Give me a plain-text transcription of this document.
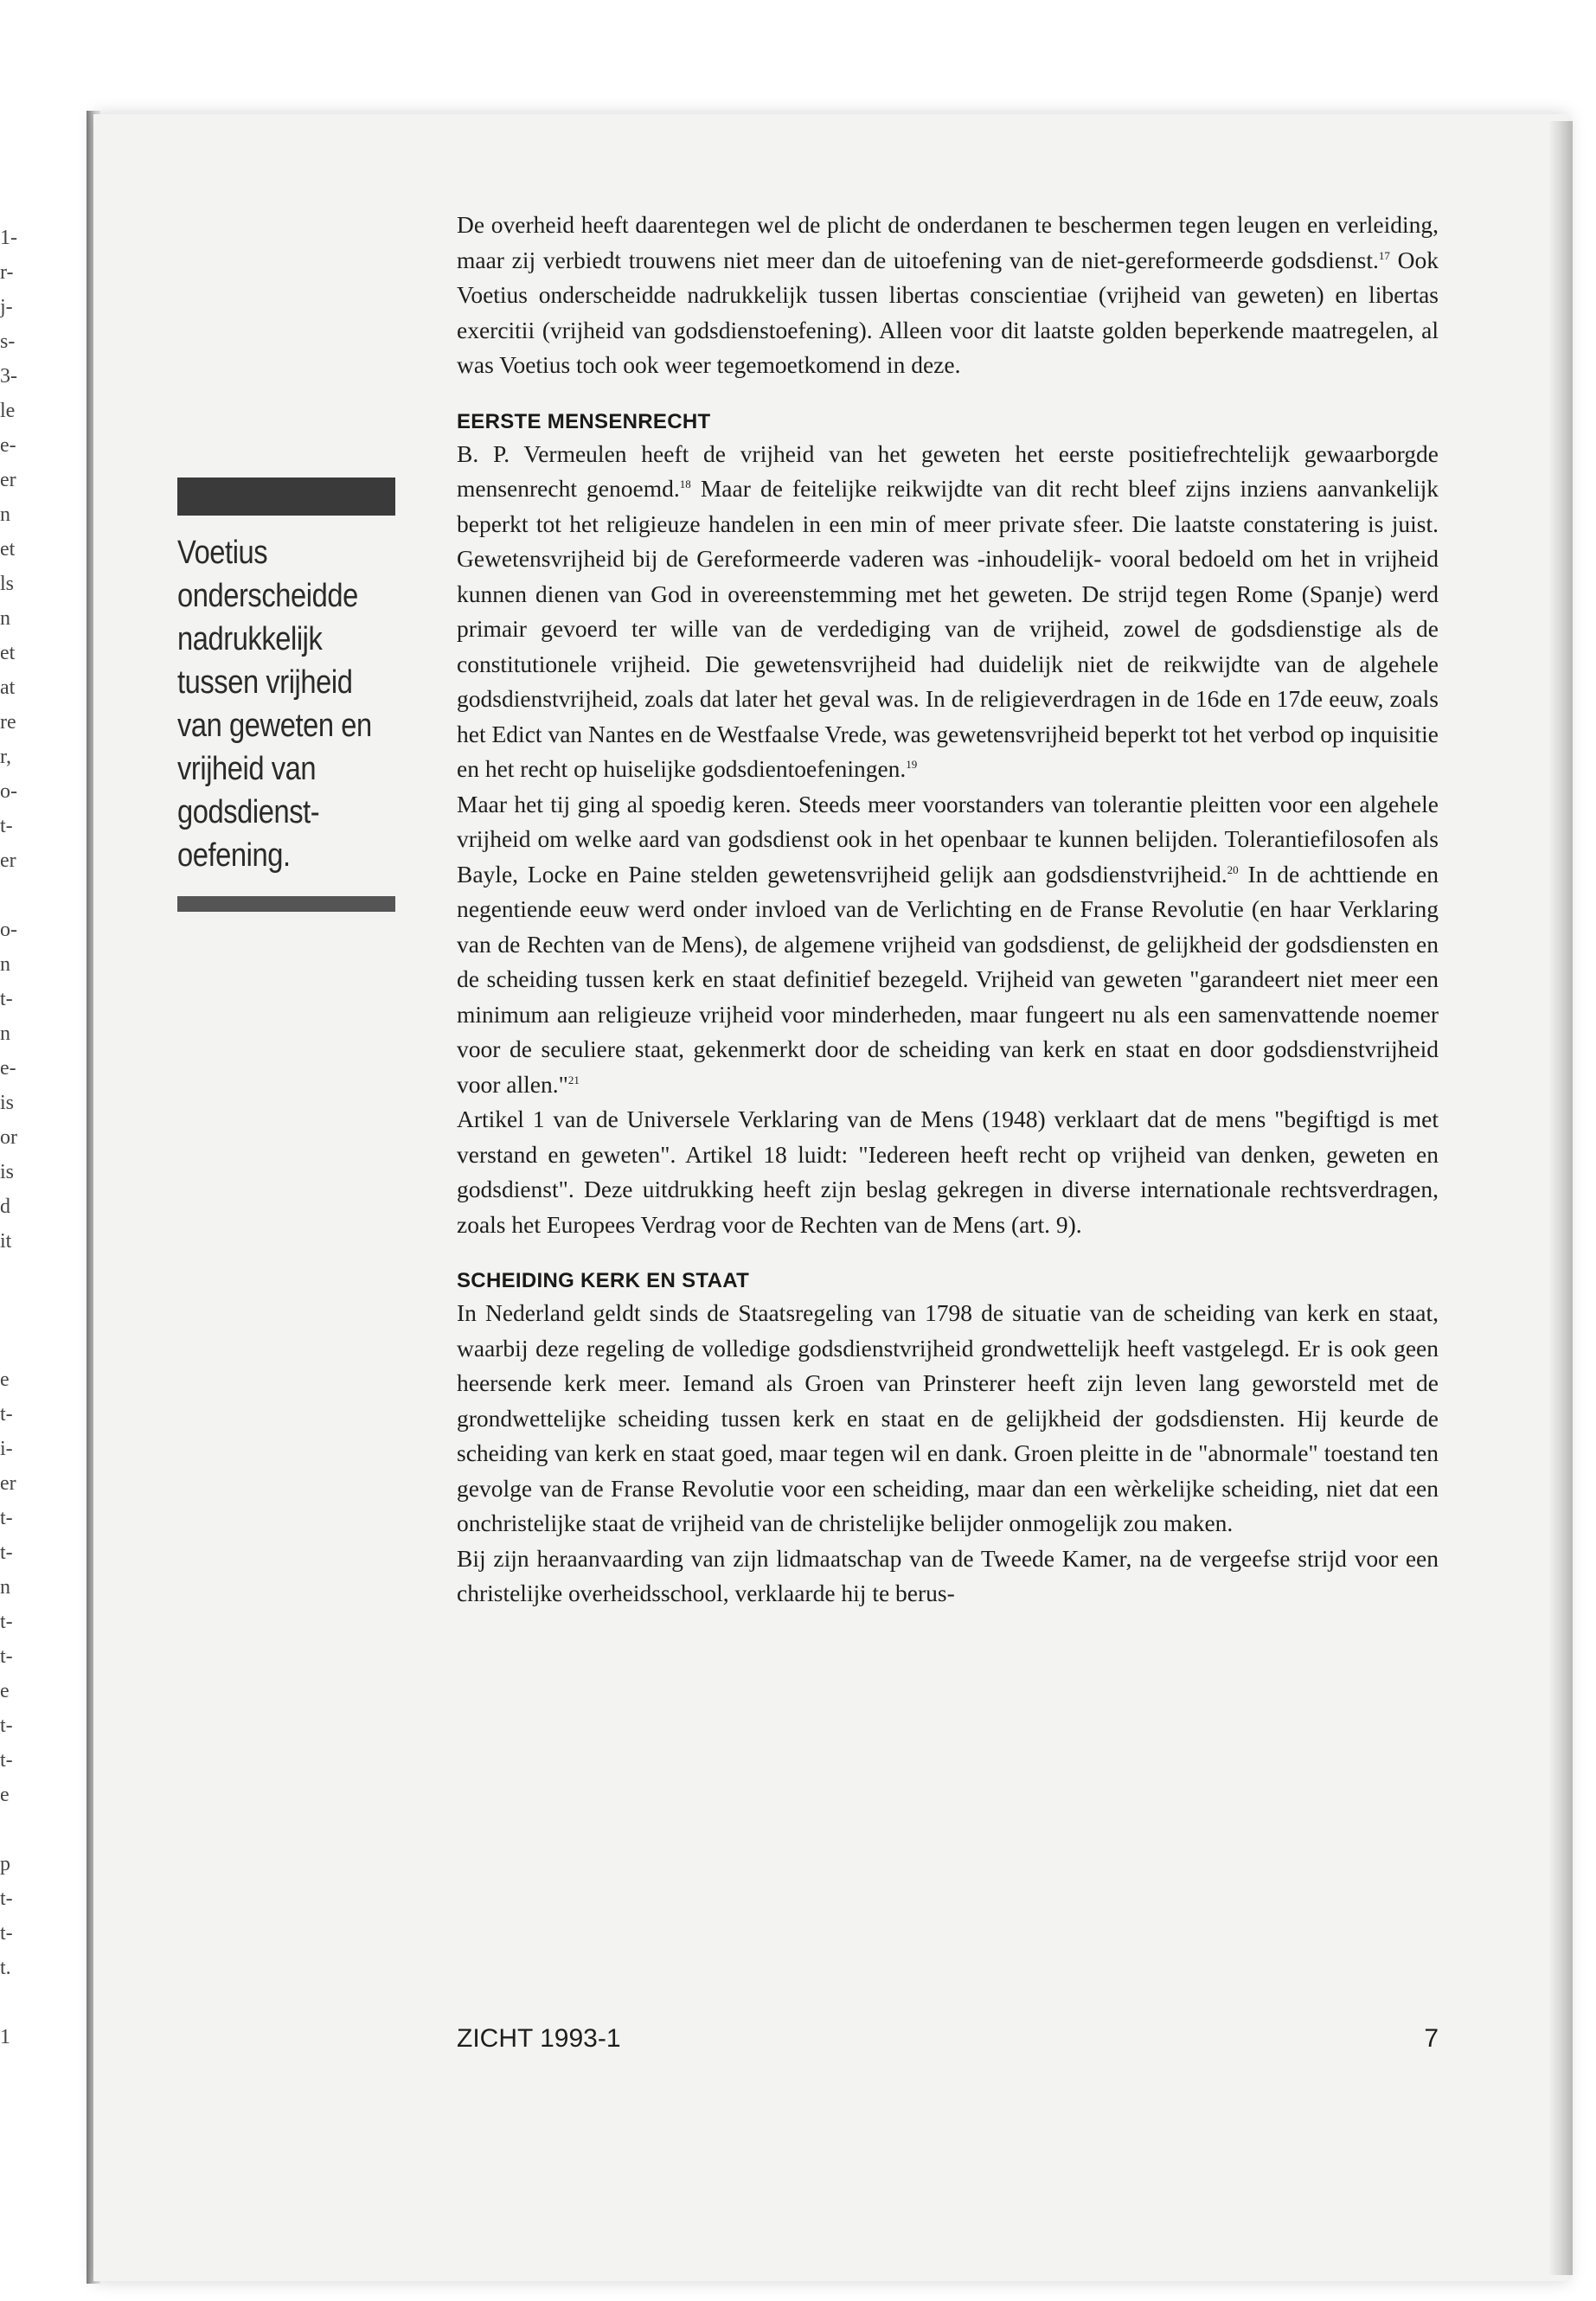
1-
r-
j-
s-
3-
le
e-
er
n
et
ls
n
et
at
re
r,
o-
t-
er
o-
n
t-
n
e-
is
or
is
d
it
e
t-
i-
er
t-
t-
n
t-
t-
e
t-
t-
e
p
t-
t-
t.
1
Voetius onderscheidde nadrukkelijk tussen vrijheid van geweten en vrijheid van godsdienst-oefening.

De overheid heeft daarentegen wel de plicht de onderdanen te beschermen tegen leugen en verleiding, maar zij verbiedt trouwens niet meer dan de uitoefening van de niet-gereformeerde godsdienst.$^{17}$ Ook Voetius onderscheidde nadrukkelijk tussen libertas conscientiae (vrijheid van geweten) en libertas exercitii (vrijheid van godsdienstoefening). Alleen voor dit laatste golden beperkende maatregelen, al was Voetius toch ook weer tegemoetkomend in deze.

EERSTE MENSENRECHT

B. P. Vermeulen heeft de vrijheid van het geweten het eerste positiefrechtelijk gewaarborgde mensenrecht genoemd.$^{18}$ Maar de feitelijke reikwijdte van dit recht bleef zijns inziens aanvankelijk beperkt tot het religieuze handelen in een min of meer private sfeer. Die laatste constatering is juist. Gewetensvrijheid bij de Gereformeerde vaderen was -inhoudelijk- vooral bedoeld om het in vrijheid kunnen dienen van God in overeenstemming met het geweten. De strijd tegen Rome (Spanje) werd primair gevoerd ter wille van de verdediging van de vrijheid, zowel de godsdienstige als de constitutionele vrijheid. Die gewetensvrijheid had duidelijk niet de reikwijdte van de algehele godsdienstvrijheid, zoals dat later het geval was. In de religieverdragen in de 16de en 17de eeuw, zoals het Edict van Nantes en de Westfaalse Vrede, was gewetensvrijheid beperkt tot het verbod op inquisitie en het recht op huiselijke godsdientoefeningen.$^{19}$

Maar het tij ging al spoedig keren. Steeds meer voorstanders van tolerantie pleitten voor een algehele vrijheid om welke aard van godsdienst ook in het openbaar te kunnen belijden. Tolerantiefilosofen als Bayle, Locke en Paine stelden gewetensvrijheid gelijk aan godsdienstvrijheid.$^{20}$ In de achttiende en negentiende eeuw werd onder invloed van de Verlichting en de Franse Revolutie (en haar Verklaring van de Rechten van de Mens), de algemene vrijheid van godsdienst, de gelijkheid der godsdiensten en de scheiding tussen kerk en staat definitief bezegeld. Vrijheid van geweten "garandeert niet meer een minimum aan religieuze vrijheid voor minderheden, maar fungeert nu als een samenvattende noemer voor de seculiere staat, gekenmerkt door de scheiding van kerk en staat en door godsdienstvrijheid voor allen."$^{21}$

Artikel 1 van de Universele Verklaring van de Mens (1948) verklaart dat de mens "begiftigd is met verstand en geweten". Artikel 18 luidt: "Iedereen heeft recht op vrijheid van denken, geweten en godsdienst". Deze uitdrukking heeft zijn beslag gekregen in diverse internationale rechtsverdragen, zoals het Europees Verdrag voor de Rechten van de Mens (art. 9).

SCHEIDING KERK EN STAAT

In Nederland geldt sinds de Staatsregeling van 1798 de situatie van de scheiding van kerk en staat, waarbij deze regeling de volledige godsdienstvrijheid grondwettelijk heeft vastgelegd. Er is ook geen heersende kerk meer. Iemand als Groen van Prinsterer heeft zijn leven lang geworsteld met de grondwettelijke scheiding tussen kerk en staat en de gelijkheid der godsdiensten. Hij keurde de scheiding van kerk en staat goed, maar tegen wil en dank. Groen pleitte in de "abnormale" toestand ten gevolge van de Franse Revolutie voor een scheiding, maar dan een wèrkelijke scheiding, niet dat een onchristelijke staat de vrijheid van de christelijke belijder onmogelijk zou maken.

Bij zijn heraanvaarding van zijn lidmaatschap van de Tweede Kamer, na de vergeefse strijd voor een christelijke overheidsschool, verklaarde hij te berus-

ZICHT 1993-1	7
